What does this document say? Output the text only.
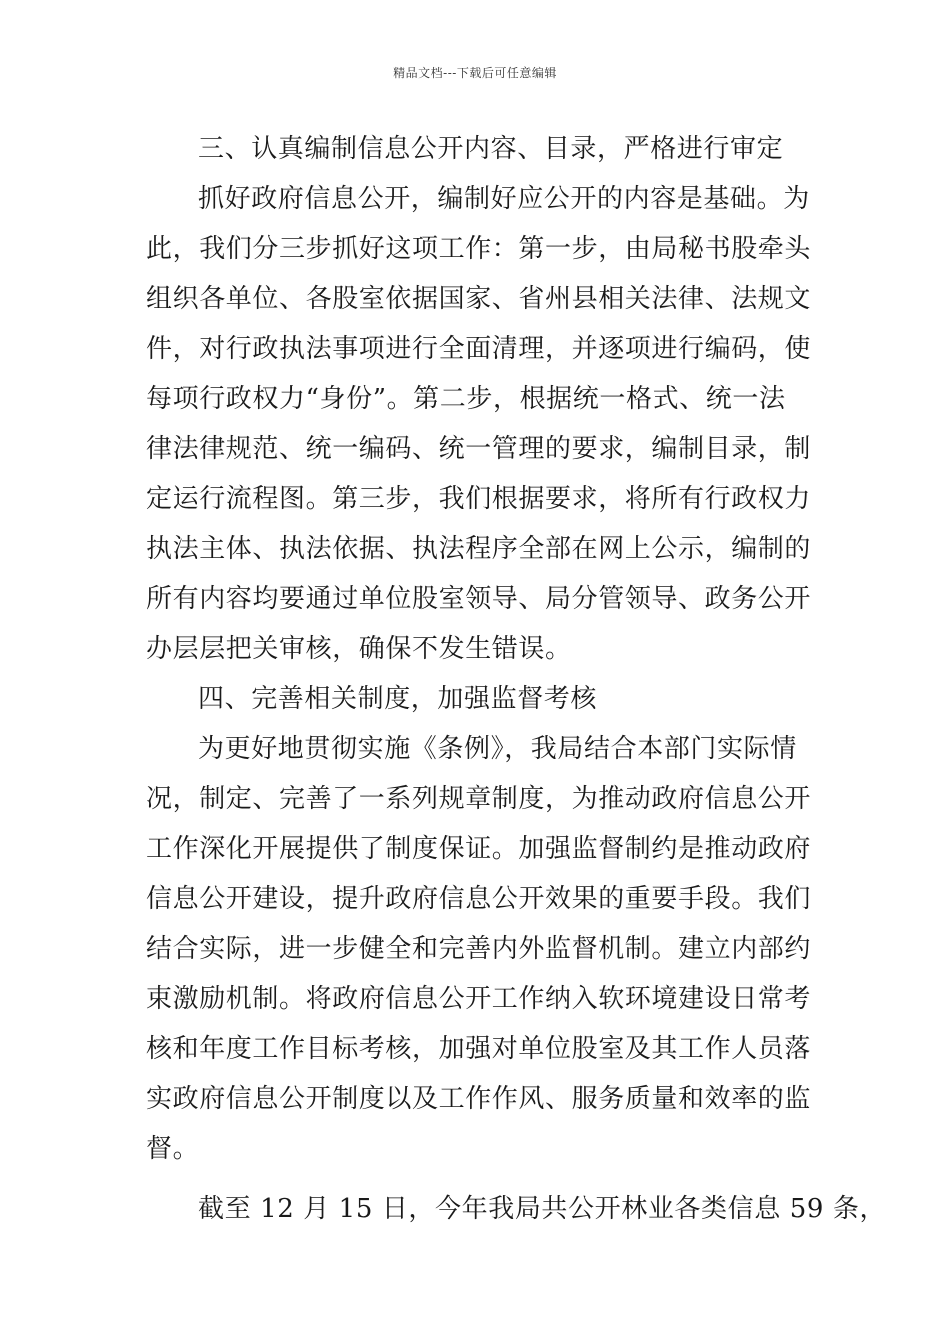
精品文档---下载后可任意编辑
三、认真编制信息公开内容、目录，严格进行审定
抓好政府信息公开，编制好应公开的内容是基础。为
此，我们分三步抓好这项工作：第一步，由局秘书股牵头
组织各单位、各股室依据国家、省州县相关法律、法规文
件，对行政执法事项进行全面清理，并逐项进行编码，使
每项行政权力“身份”。第二步，根据统一格式、统一法
律法律规范、统一编码、统一管理的要求，编制目录，制
定运行流程图。第三步，我们根据要求，将所有行政权力
执法主体、执法依据、执法程序全部在网上公示，编制的
所有内容均要通过单位股室领导、局分管领导、政务公开
办层层把关审核，确保不发生错误。
四、完善相关制度，加强监督考核
为更好地贯彻实施《条例》，我局结合本部门实际情
况，制定、完善了一系列规章制度，为推动政府信息公开
工作深化开展提供了制度保证。加强监督制约是推动政府
信息公开建设，提升政府信息公开效果的重要手段。我们
结合实际，进一步健全和完善内外监督机制。建立内部约
束激励机制。将政府信息公开工作纳入软环境建设日常考
核和年度工作目标考核，加强对单位股室及其工作人员落
实政府信息公开制度以及工作作风、服务质量和效率的监
督。
截至 12 月 15 日，今年我局共公开林业各类信息 59 条，
